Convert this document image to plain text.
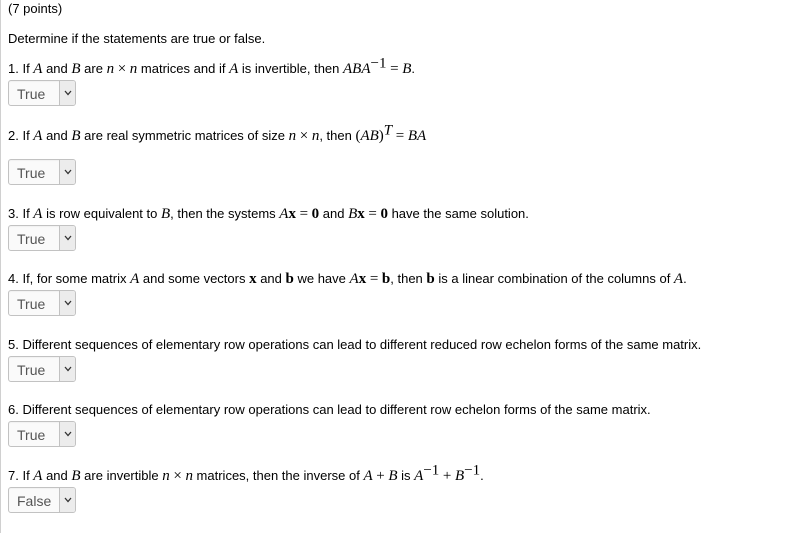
(7 points)
Determine if the statements are true or false.
1. If A and B are n × n matrices and if A is invertible, then $ABA^{-1} = B$.
True
2. If A and B are real symmetric matrices of size n × n, then (AB)$^T$ = BA
True
3. If A is row equivalent to B, then the systems Ax = 0 and Bx = 0 have the same solution.
True
4. If, for some matrix A and some vectors x and b we have Ax = b, then b is a linear combination of the columns of A.
True
5. Different sequences of elementary row operations can lead to different reduced row echelon forms of the same matrix.
True
6. Different sequences of elementary row operations can lead to different row echelon forms of the same matrix.
True
7. If A and B are invertible n × n matrices, then the inverse of A + B is $A^{-1} + B^{-1}$.
False
